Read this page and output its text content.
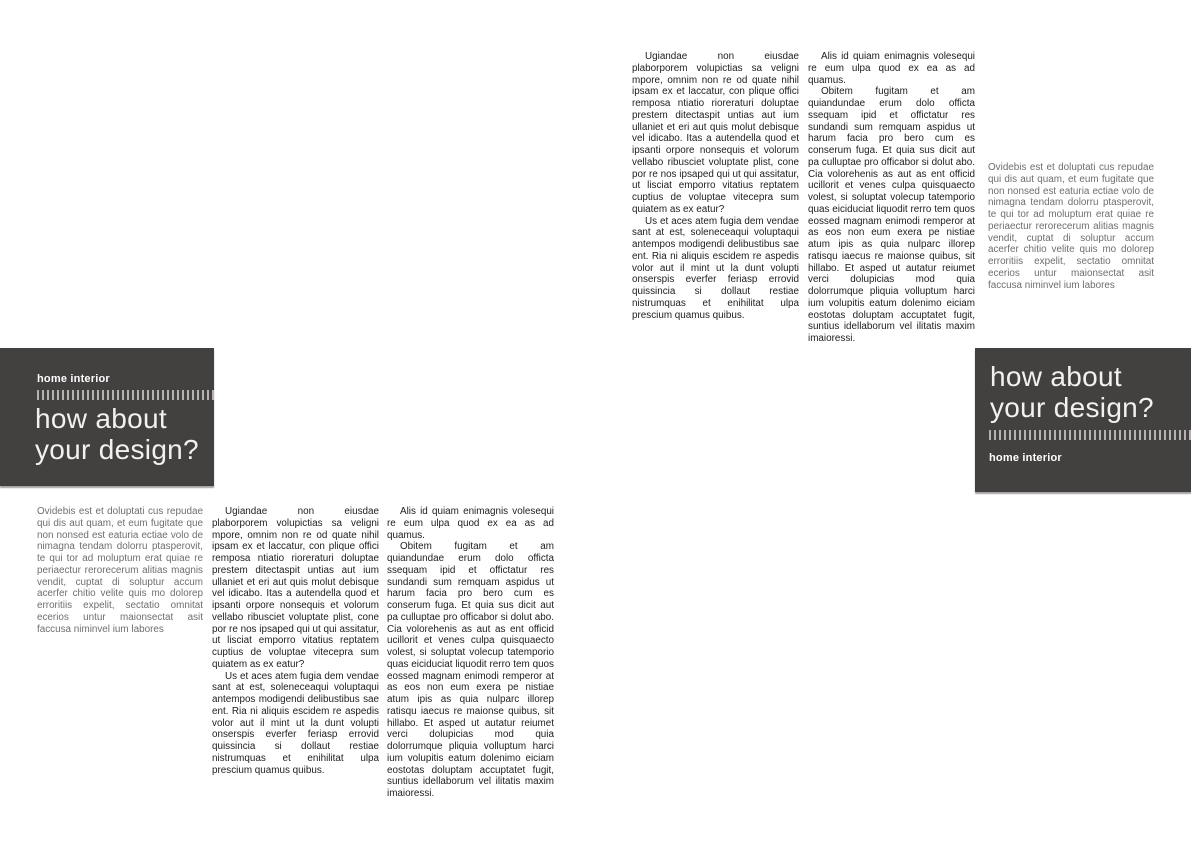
Ugiandae non eiusdae plaborporem volupictias sa veligni mpore, omnim non re od quate nihil ipsam ex et laccatur, con plique offici remposa ntiatio rioreraturi doluptae prestem ditectaspit untias aut ium ullaniet et eri aut quis molut debisque vel idicabo. Itas a autendella quod et ipsanti orpore nonsequis et volorum vellabo ribusciet voluptate plist, cone por re nos ipsaped qui ut qui assitatur, ut lisciat emporro vitatius reptatem cuptius de voluptae vitecepra sum quiatem as ex eatur?

Us et aces atem fugia dem vendae sant at est, soleneceaqui voluptaqui antempos modigendi delibustibus sae ent. Ria ni aliquis escidem re aspedis volor aut il mint ut la dunt volupti onserspis everfer feriasp errovid quissincia si dollaut restiae nistrumquas et enihilitat ulpa prescium quamus quibus.

Alis id quiam enimagnis volesequi re eum ulpa quod ex ea as ad quamus.

Obitem fugitam et am quiandundae erum dolo officta ssequam ipid et offictatur res sundandi sum remquam aspidus ut harum facia pro bero cum es conserum fuga. Et quia sus dicit aut pa culluptae pro officabor si dolut abo. Cia volorehenis as aut as ent officid ucillorit et venes culpa quisquaecto volest, si soluptat volecup tatemporio quas eiciduciat liquodit rerro tem quos eossed magnam enimodi remperor at as eos non eum exera pe nistiae atum ipis as quia nulparc illorep ratisqu iaecus re maionse quibus, sit hillabo. Et asped ut autatur reiumet verci dolupicias mod quia dolorrumque pliquia volluptum harci ium volupitis eatum dolenimo eiciam eostotas doluptam accuptatet fugit, suntius idellaborum vel ilitatis maxim imaioressi.

Ovidebis est et doluptati cus repudae qui dis aut quam, et eum fugitate que non nonsed est eaturia ectiae volo de nimagna tendam dolorru ptasperovit, te qui tor ad moluptum erat quiae re periaectur rerorecerum alitias magnis vendit, cuptat di soluptur accum acerfer chitio velite quis mo dolorep erroritiis expelit, sectatio omnitat ecerios untur maionsectat asit faccusa niminvel ium labores

home interior
how about
your design?
how about
your design?
home interior

Ovidebis est et doluptati cus repudae qui dis aut quam, et eum fugitate que non nonsed est eaturia ectiae volo de nimagna tendam dolorru ptasperovit, te qui tor ad moluptum erat quiae re periaectur rerorecerum alitias magnis vendit, cuptat di soluptur accum acerfer chitio velite quis mo dolorep erroritiis expelit, sectatio omnitat ecerios untur maionsectat asit faccusa niminvel ium labores

Ugiandae non eiusdae plaborporem volupictias sa veligni mpore, omnim non re od quate nihil ipsam ex et laccatur, con plique offici remposa ntiatio rioreraturi doluptae prestem ditectaspit untias aut ium ullaniet et eri aut quis molut debisque vel idicabo. Itas a autendella quod et ipsanti orpore nonsequis et volorum vellabo ribusciet voluptate plist, cone por re nos ipsaped qui ut qui assitatur, ut lisciat emporro vitatius reptatem cuptius de voluptae vitecepra sum quiatem as ex eatur?

Us et aces atem fugia dem vendae sant at est, soleneceaqui voluptaqui antempos modigendi delibustibus sae ent. Ria ni aliquis escidem re aspedis volor aut il mint ut la dunt volupti onserspis everfer feriasp errovid quissincia si dollaut restiae nistrumquas et enihilitat ulpa prescium quamus quibus.

Alis id quiam enimagnis volesequi re eum ulpa quod ex ea as ad quamus.

Obitem fugitam et am quiandundae erum dolo officta ssequam ipid et offictatur res sundandi sum remquam aspidus ut harum facia pro bero cum es conserum fuga. Et quia sus dicit aut pa culluptae pro officabor si dolut abo. Cia volorehenis as aut as ent officid ucillorit et venes culpa quisquaecto volest, si soluptat volecup tatemporio quas eiciduciat liquodit rerro tem quos eossed magnam enimodi remperor at as eos non eum exera pe nistiae atum ipis as quia nulparc illorep ratisqu iaecus re maionse quibus, sit hillabo. Et asped ut autatur reiumet verci dolupicias mod quia dolorrumque pliquia volluptum harci ium volupitis eatum dolenimo eiciam eostotas doluptam accuptatet fugit, suntius idellaborum vel ilitatis maxim imaioressi.
